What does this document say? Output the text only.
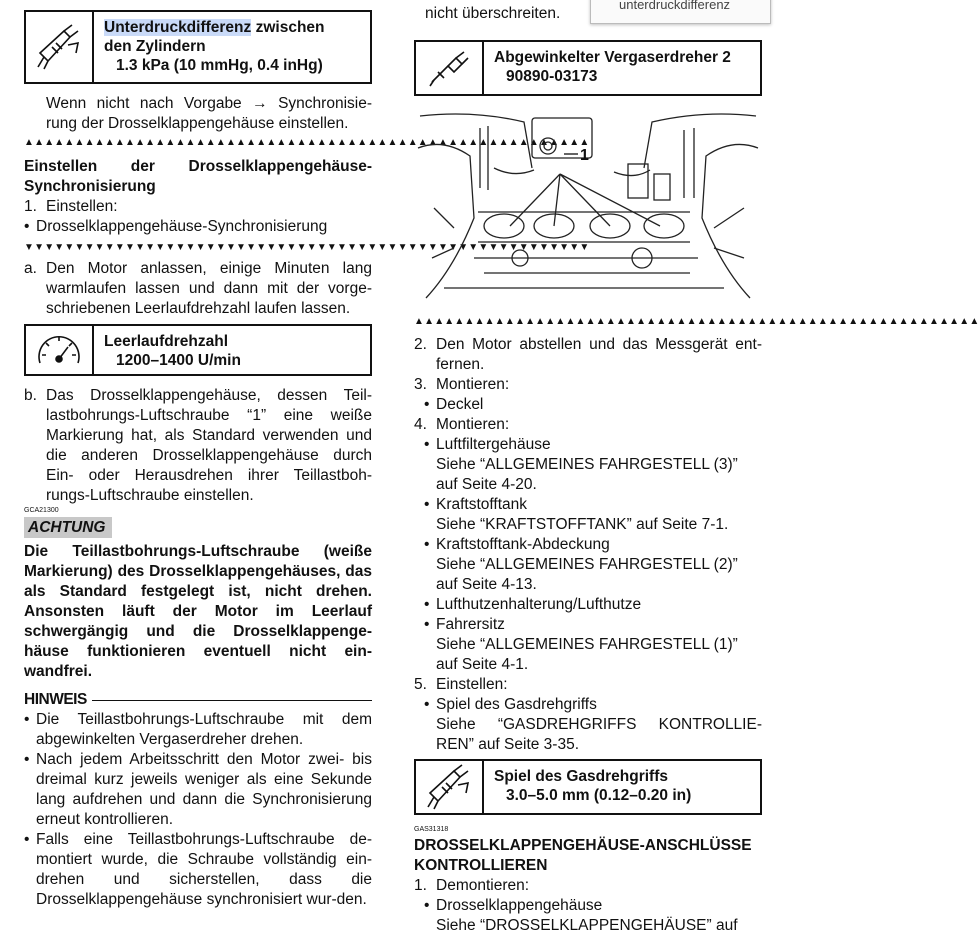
Unterdruckdifferenz zwischen
den Zylindern
1.3 kPa (10 mmHg, 0.4 inHg)

Wenn nicht nach Vorgabe → Synchronisie-rung der Drosselklappengehäuse einstellen.

▲▲▲▲▲▲▲▲▲▲▲▲▲▲▲▲▲▲▲▲▲▲▲▲▲▲▲▲▲▲▲▲▲▲▲▲▲▲▲▲▲▲▲▲▲▲▲▲▲▲▲▲▲▲▲▲
Einstellen der Drosselklappengehäuse-Synchronisierung
1. Einstellen:
• Drosselklappengehäuse-Synchronisierung
▼▼▼▼▼▼▼▼▼▼▼▼▼▼▼▼▼▼▼▼▼▼▼▼▼▼▼▼▼▼▼▼▼▼▼▼▼▼▼▼▼▼▼▼▼▼▼▼▼▼▼▼▼▼▼▼
a. Den Motor anlassen, einige Minuten lang warmlaufen lassen und dann mit der vorge-schriebenen Leerlaufdrehzahl laufen lassen.
Leerlaufdrehzahl
1200–1400 U/min
b. Das Drosselklappengehäuse, dessen Teil-lastbohrungs-Luftschraube “1” eine weiße Markierung hat, als Standard verwenden und die anderen Drosselklappengehäuse durch Ein- oder Herausdrehen ihrer Teillastboh-rungs-Luftschraube einstellen.
GCA21300
ACHTUNG
Die Teillastbohrungs-Luftschraube (weiße Markierung) des Drosselklappengehäuses, das als Standard festgelegt ist, nicht drehen. Ansonsten läuft der Motor im Leerlauf schwergängig und die Drosselklappenge-häuse funktionieren eventuell nicht ein-wandfrei.
HINWEIS
• Die Teillastbohrungs-Luftschraube mit dem abgewinkelten Vergaserdreher drehen.
• Nach jedem Arbeitsschritt den Motor zwei- bis dreimal kurz jeweils weniger als eine Sekunde lang aufdrehen und dann die Synchronisierung erneut kontrollieren.
• Falls eine Teillastbohrungs-Luftschraube de-montiert wurde, die Schraube vollständig ein-drehen und sicherstellen, dass die Drosselklappengehäuse synchronisiert wur-den.
nicht überschreiten.
unterdruckdifferenz
Abgewinkelter Vergaserdreher 2
90890-03173
1
▲▲▲▲▲▲▲▲▲▲▲▲▲▲▲▲▲▲▲▲▲▲▲▲▲▲▲▲▲▲▲▲▲▲▲▲▲▲▲▲▲▲▲▲▲▲▲▲▲▲▲▲▲▲▲▲
2. Den Motor abstellen und das Messgerät ent-fernen.
3. Montieren:
• Deckel
4. Montieren:
• Luftfiltergehäuse
Siehe “ALLGEMEINES FAHRGESTELL (3)” auf Seite 4-20.
• Kraftstofftank
Siehe “KRAFTSTOFFTANK” auf Seite 7-1.
• Kraftstofftank-Abdeckung
Siehe “ALLGEMEINES FAHRGESTELL (2)” auf Seite 4-13.
• Lufthutzenhalterung/Lufthutze
• Fahrersitz
Siehe “ALLGEMEINES FAHRGESTELL (1)” auf Seite 4-1.
5. Einstellen:
• Spiel des Gasdrehgriffs
Siehe “GASDREHGRIFFS KONTROLLIE-REN” auf Seite 3-35.
Spiel des Gasdrehgriffs
3.0–5.0 mm (0.12–0.20 in)
GAS31318
DROSSELKLAPPENGEHÄUSE-ANSCHLÜSSE KONTROLLIEREN
1. Demontieren:
• Drosselklappengehäuse
Siehe “DROSSELKLAPPENGEHÄUSE” auf
